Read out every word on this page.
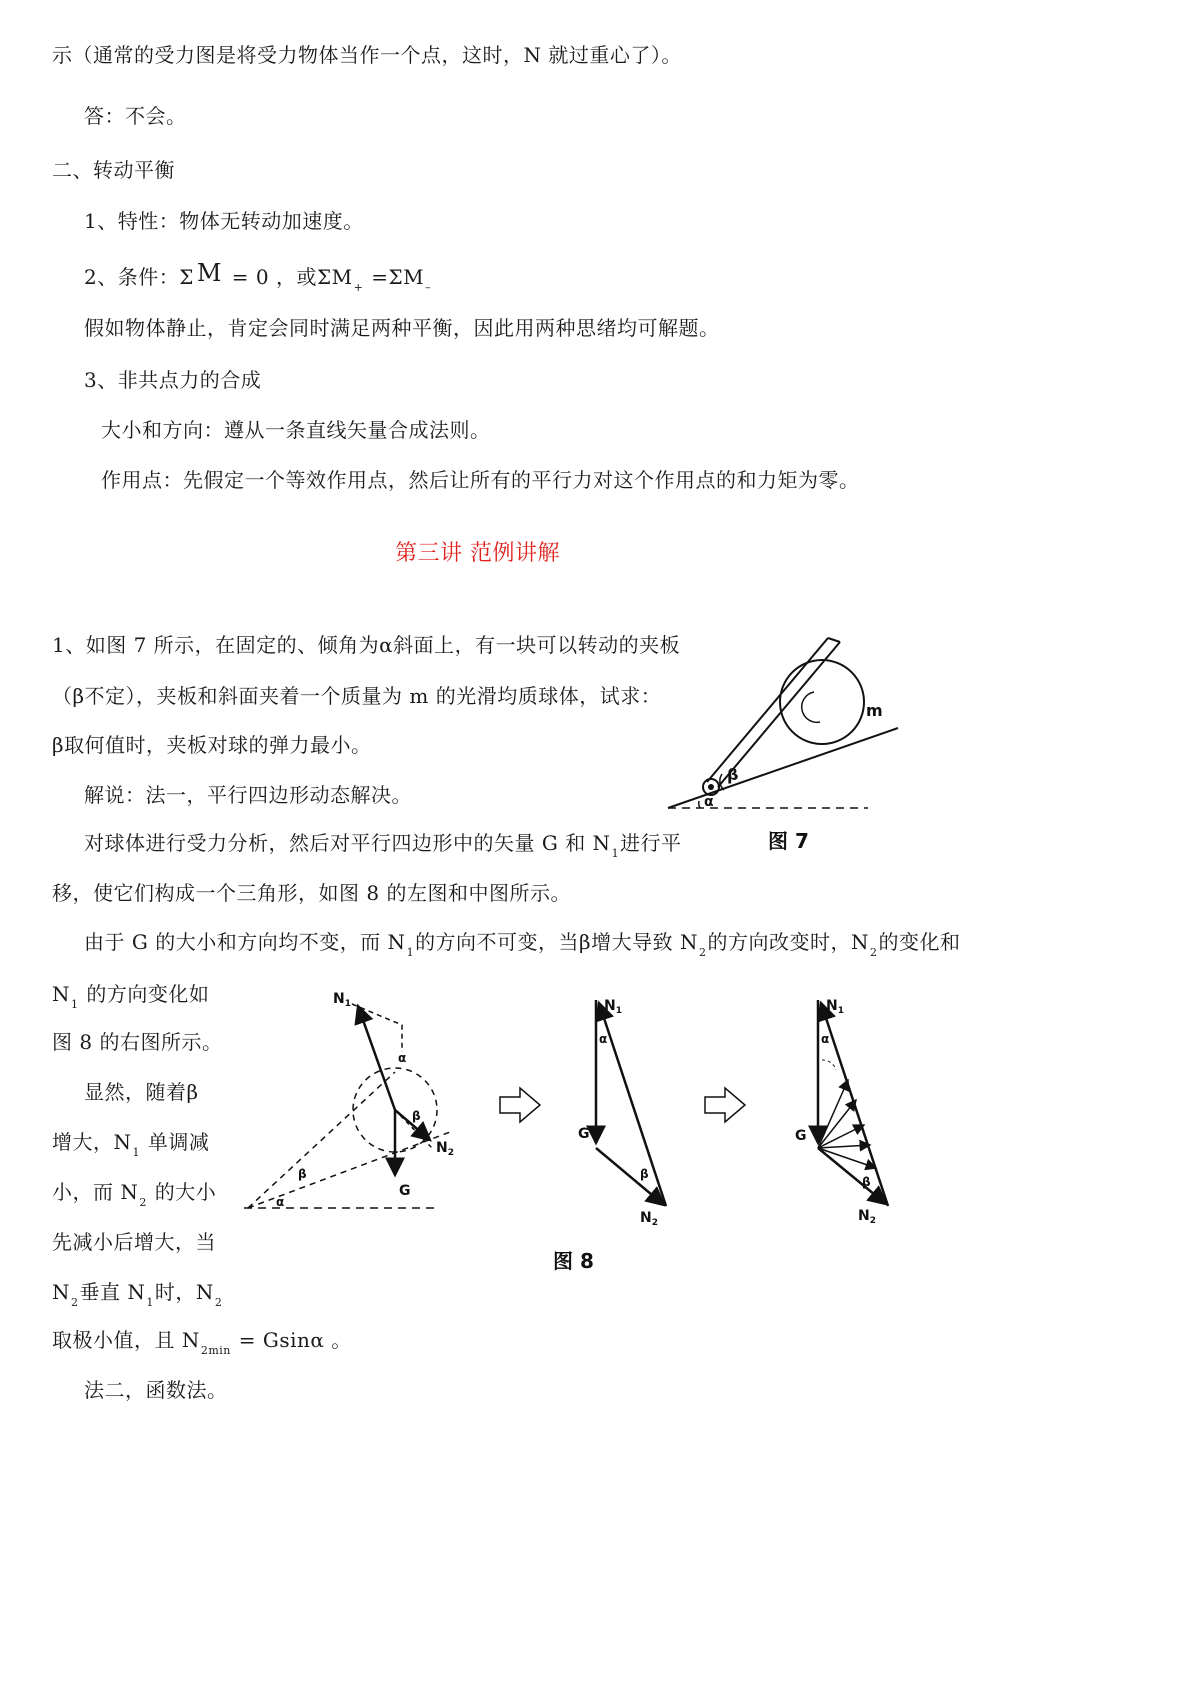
示（通常的受力图是将受力物体当作一个点，这时，N 就过重心了）。
答：不会。
二、转动平衡
1、特性：物体无转动加速度。
2、条件：Σ M = 0 ，或$\Sigma M_+ =\Sigma M_-$
假如物体静止，肯定会同时满足两种平衡，因此用两种思绪均可解题。
3、非共点力的合成
大小和方向：遵从一条直线矢量合成法则。
作用点：先假定一个等效作用点，然后让所有的平行力对这个作用点的和力矩为零。
第三讲 范例讲解
1、如图 7 所示，在固定的、倾角为α斜面上，有一块可以转动的夹板
（β不定），夹板和斜面夹着一个质量为 m 的光滑均质球体，试求：
β取何值时，夹板对球的弹力最小。
解说：法一，平行四边形动态解决。
对球体进行受力分析，然后对平行四边形中的矢量 G 和 $N_1$进行平
移，使它们构成一个三角形，如图 8 的左图和中图所示。
由于 G 的大小和方向均不变，而 $N_1$的方向不可变，当β增大导致 $N_2$的方向改变时，$N_2$的变化和
$N_1$ 的方向变化如
图 8 的右图所示。
显然，随着β
增大，$N_1$ 单调减
小，而 $N_2$ 的大小
先减小后增大，当
$N_2$垂直 $N_1$时，$N_2$
取极小值，且 $N_{2min} = Gsin\alpha$ 。
法二，函数法。
β
α
m
图 7
$N_1$
$N_2$
G
α
β
β
α
$N_1$
G
$N_2$
α
β
$N_1$
G
$N_2$
α
β
图 8
